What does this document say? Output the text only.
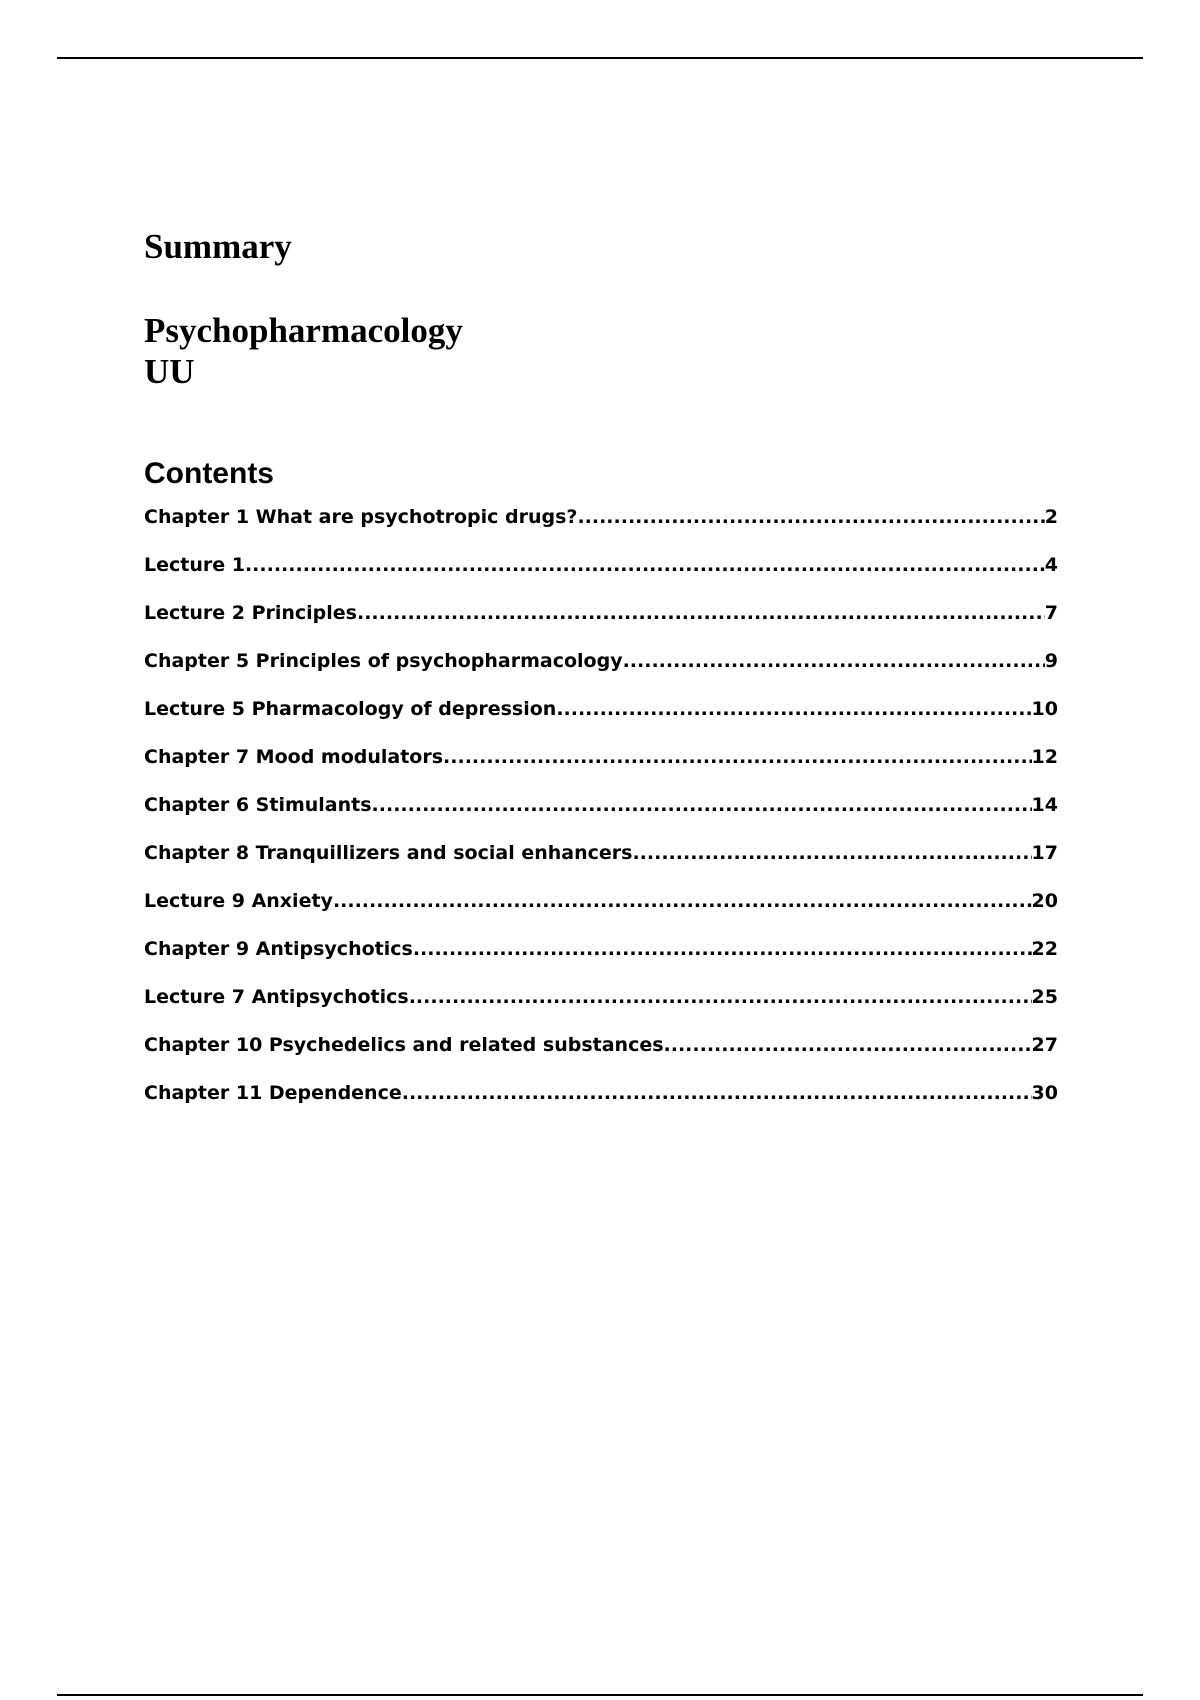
Summary
Psychopharmacology
UU
Contents
Chapter 1 What are psychotropic drugs? .....	2
Lecture 1 .....	4
Lecture 2 Principles .....	7
Chapter 5 Principles of psychopharmacology .....	9
Lecture 5 Pharmacology of depression .....	10
Chapter 7 Mood modulators .....	12
Chapter 6 Stimulants .....	14
Chapter 8 Tranquillizers and social enhancers .....	17
Lecture 9 Anxiety .....	20
Chapter 9 Antipsychotics .....	22
Lecture 7 Antipsychotics .....	25
Chapter 10 Psychedelics and related substances .....	27
Chapter 11 Dependence .....	30
